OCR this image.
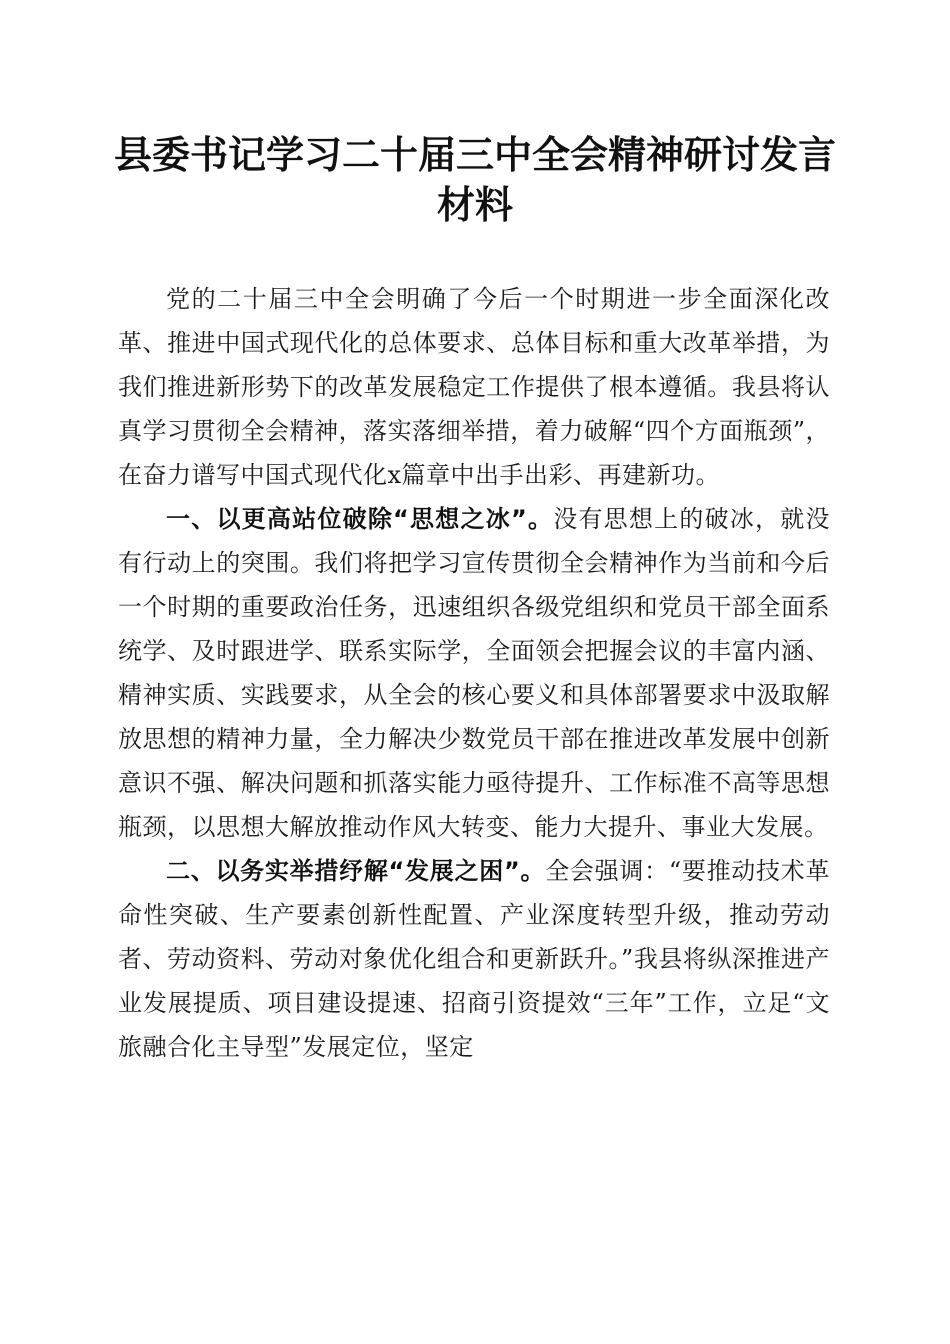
县委书记学习二十届三中全会精神研讨发言材料

党的二十届三中全会明确了今后一个时期进一步全面深化改革、推进中国式现代化的总体要求、总体目标和重大改革举措，为我们推进新形势下的改革发展稳定工作提供了根本遵循。我县将认真学习贯彻全会精神，落实落细举措，着力破解“四个方面瓶颈”，在奋力谱写中国式现代化x篇章中出手出彩、再建新功。

一、以更高站位破除“思想之冰”。没有思想上的破冰，就没有行动上的突围。我们将把学习宣传贯彻全会精神作为当前和今后一个时期的重要政治任务，迅速组织各级党组织和党员干部全面系统学、及时跟进学、联系实际学，全面领会把握会议的丰富内涵、精神实质、实践要求，从全会的核心要义和具体部署要求中汲取解放思想的精神力量，全力解决少数党员干部在推进改革发展中创新意识不强、解决问题和抓落实能力亟待提升、工作标准不高等思想瓶颈，以思想大解放推动作风大转变、能力大提升、事业大发展。

二、以务实举措纾解“发展之困”。全会强调：“要推动技术革命性突破、生产要素创新性配置、产业深度转型升级，推动劳动者、劳动资料、劳动对象优化组合和更新跃升。”我县将纵深推进产业发展提质、项目建设提速、招商引资提效“三年”工作，立足“文旅融合化主导型”发展定位，坚定
